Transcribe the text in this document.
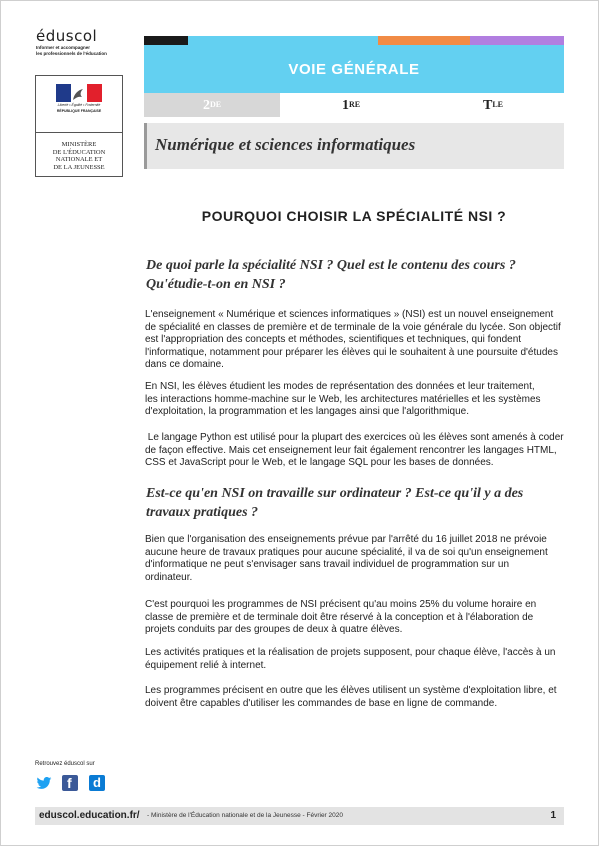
éduscol
Informer et accompagner
les professionnels de l'éducation
Liberté • Égalité • Fraternité
RÉPUBLIQUE FRANÇAISE
MINISTÈRE
DE L'ÉDUCATION
NATIONALE ET
DE LA JEUNESSE
VOIE GÉNÉRALE
2DE	1RE	$T^{LE}$
Numérique et sciences informatiques
POURQUOI CHOISIR LA SPÉCIALITÉ NSI ?
De quoi parle la spécialité NSI ? Quel est le contenu des cours ?
Qu'étudie-t-on en NSI ?
L'enseignement « Numérique et sciences informatiques » (NSI) est un nouvel enseignement
de spécialité en classes de première et de terminale de la voie générale du lycée. Son objectif
est l'appropriation des concepts et méthodes, scientifiques et techniques, qui fondent
l'informatique, notamment pour préparer les élèves qui le souhaitent à une poursuite d'études
dans ce domaine.
En NSI, les élèves étudient les modes de représentation des données et leur traitement,
les interactions homme-machine sur le Web, les architectures matérielles et les systèmes
d'exploitation, la programmation et les langages ainsi que l'algorithmique.
Le langage Python est utilisé pour la plupart des exercices où les élèves sont amenés à coder
de façon effective. Mais cet enseignement leur fait également rencontrer les langages HTML,
CSS et JavaScript pour le Web, et le langage SQL pour les bases de données.
Est-ce qu'en NSI on travaille sur ordinateur ? Est-ce qu'il y a des
travaux pratiques ?
Bien que l'organisation des enseignements prévue par l'arrêté du 16 juillet 2018 ne prévoie
aucune heure de travaux pratiques pour aucune spécialité, il va de soi qu'un enseignement
d'informatique ne peut s'envisager sans travail individuel de programmation sur un
ordinateur.
C'est pourquoi les programmes de NSI précisent qu'au moins 25% du volume horaire en
classe de première et de terminale doit être réservé à la conception et à l'élaboration de
projets conduits par des groupes de deux à quatre élèves.
Les activités pratiques et la réalisation de projets supposent, pour chaque élève, l'accès à un
équipement relié à internet.
Les programmes précisent en outre que les élèves utilisent un système d'exploitation libre, et
doivent être capables d'utiliser les commandes de base en ligne de commande.
Retrouvez éduscol sur
f d
eduscol.education.fr/ - Ministère de l'Éducation nationale et de la Jeunesse - Février 2020	1
